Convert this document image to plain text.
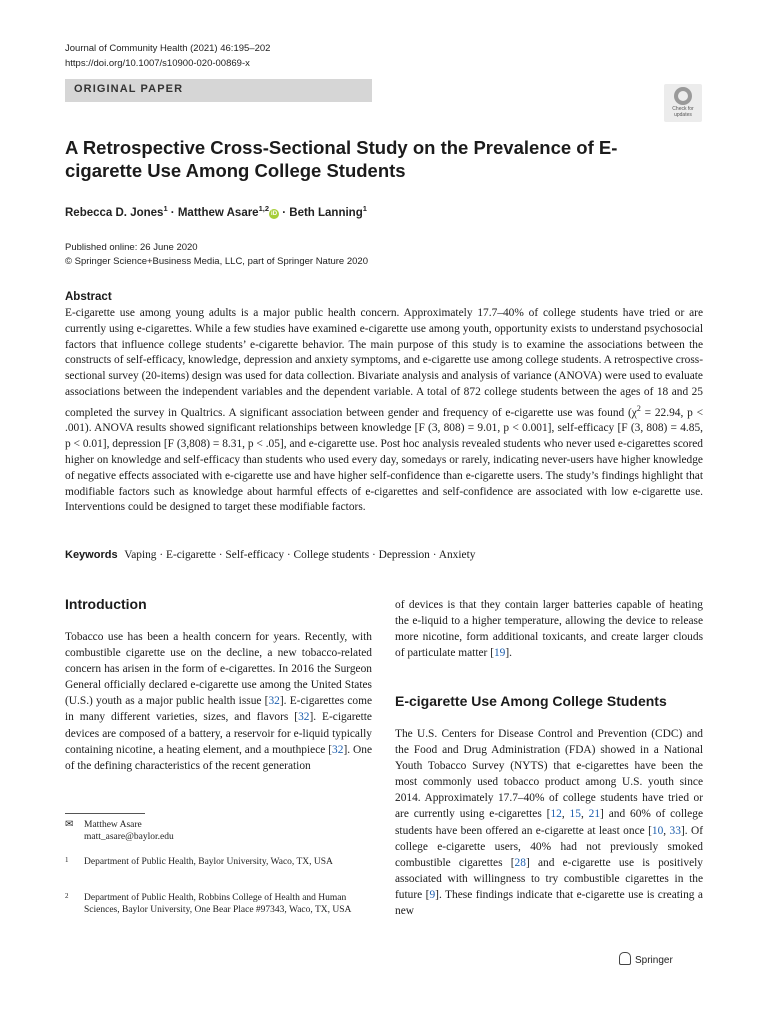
Journal of Community Health (2021) 46:195–202
https://doi.org/10.1007/s10900-020-00869-x
ORIGINAL PAPER
Check for
updates
A Retrospective Cross-Sectional Study on the Prevalence of E-cigarette Use Among College Students
Rebecca D. Jones$^1$ · Matthew Asare$^{1,2}$iD · Beth Lanning$^1$
Published online: 26 June 2020
© Springer Science+Business Media, LLC, part of Springer Nature 2020
Abstract
E-cigarette use among young adults is a major public health concern. Approximately 17.7–40% of college students have tried or are currently using e-cigarettes. While a few studies have examined e-cigarette use among youth, opportunity exists to understand psychosocial factors that influence college students’ e-cigarette behavior. The main purpose of this study is to examine the associations between the constructs of self-efficacy, knowledge, depression and anxiety symptoms, and e-cigarette use among college students. A retrospective cross-sectional survey (20-items) design was used for data collection. Bivariate analysis and analysis of variance (ANOVA) were used to evaluate associations between the independent variables and the dependent variable. A total of 872 college students between the ages of 18 and 25 completed the survey in Qualtrics. A significant association between gender and frequency of e-cigarette use was found ($\chi^2 = 22.94$, p < .001). ANOVA results showed significant relationships between knowledge [F (3, 808) = 9.01, p < 0.001], self-efficacy [F (3, 808) = 4.85, p < 0.01], depression [F (3,808) = 8.31, p < .05], and e-cigarette use. Post hoc analysis revealed students who never used e-cigarettes scored higher on knowledge and self-efficacy than students who used every day, somedays or rarely, indicating never-users have higher knowledge of negative effects associated with e-cigarette use and have higher self-confidence than e-cigarette users. The study’s findings highlight that modifiable factors such as knowledge about harmful effects of e-cigarettes and self-confidence are associated with low e-cigarette use. Interventions could be designed to target these modifiable factors.
Keywords Vaping · E-cigarette · Self-efficacy · College students · Depression · Anxiety
Introduction
Tobacco use has been a health concern for years. Recently, with combustible cigarette use on the decline, a new tobacco-related concern has arisen in the form of e-cigarettes. In 2016 the Surgeon General officially declared e-cigarette use among the United States (U.S.) youth as a major public health issue [32]. E-cigarettes come in many different varieties, sizes, and flavors [32]. E-cigarette devices are composed of a battery, a reservoir for e-liquid typically containing nicotine, a heating element, and a mouthpiece [32]. One of the defining characteristics of the recent generation
✉ Matthew Asare
matt_asare@baylor.edu
1 Department of Public Health, Baylor University, Waco, TX, USA
2 Department of Public Health, Robbins College of Health and Human Sciences, Baylor University, One Bear Place #97343, Waco, TX, USA
of devices is that they contain larger batteries capable of heating the e-liquid to a higher temperature, allowing the device to release more nicotine, form additional toxicants, and create larger clouds of particulate matter [19].
E-cigarette Use Among College Students
The U.S. Centers for Disease Control and Prevention (CDC) and the Food and Drug Administration (FDA) showed in a National Youth Tobacco Survey (NYTS) that e-cigarettes have been the most commonly used tobacco product among U.S. youth since 2014. Approximately 17.7–40% of college students have tried or are currently using e-cigarettes [12, 15, 21] and 60% of college students have been offered an e-cigarette at least once [10, 33]. Of college e-cigarette users, 40% had not previously smoked combustible cigarettes [28] and e-cigarette use is positively associated with willingness to try combustible cigarettes in the future [9]. These findings indicate that e-cigarette use is creating a new
Springer
